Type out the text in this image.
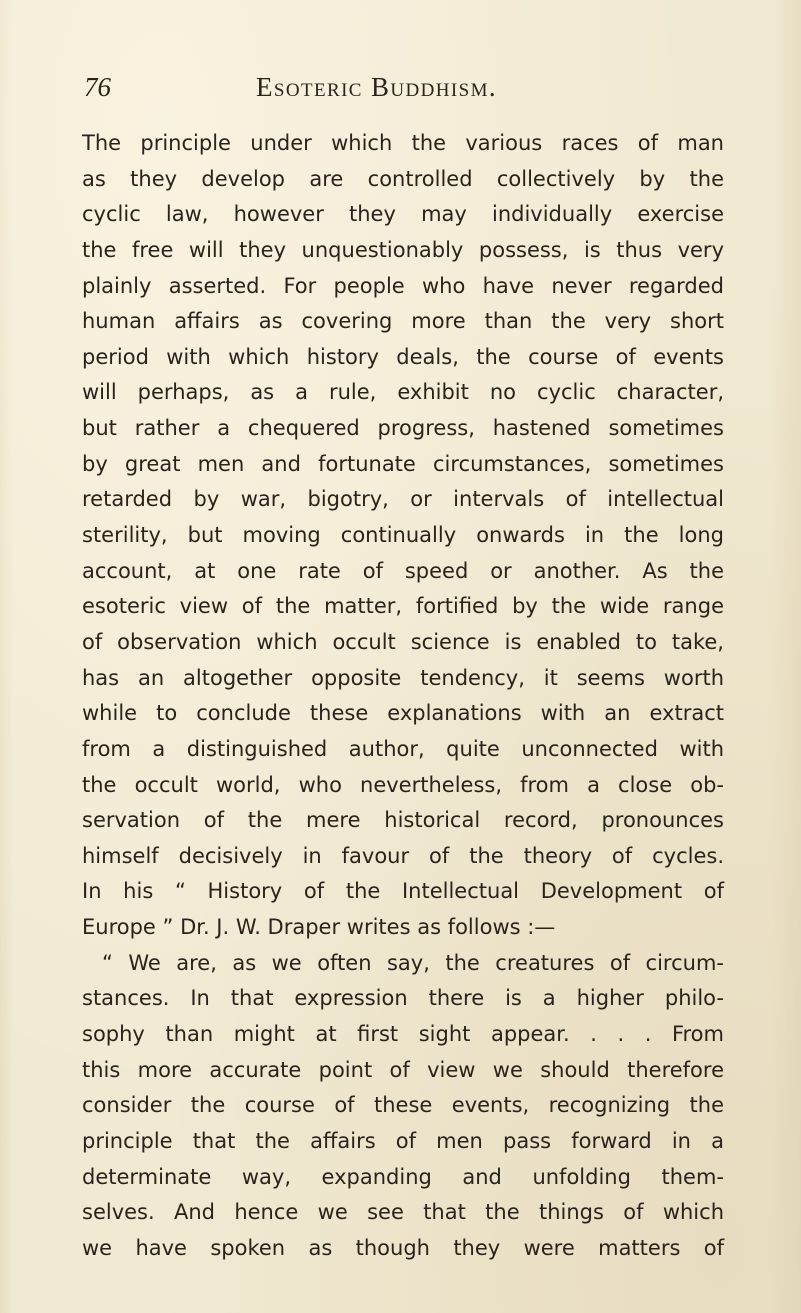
76	Esoteric Buddhism.
The principle under which the various races of man
as they develop are controlled collectively by the
cyclic law, however they may individually exercise
the free will they unquestionably possess, is thus very
plainly asserted. For people who have never regarded
human affairs as covering more than the very short
period with which history deals, the course of events
will perhaps, as a rule, exhibit no cyclic character,
but rather a chequered progress, hastened sometimes
by great men and fortunate circumstances, sometimes
retarded by war, bigotry, or intervals of intellectual
sterility, but moving continually onwards in the long
account, at one rate of speed or another. As the
esoteric view of the matter, fortified by the wide range
of observation which occult science is enabled to take,
has an altogether opposite tendency, it seems worth
while to conclude these explanations with an extract
from a distinguished author, quite unconnected with
the occult world, who nevertheless, from a close ob-
servation of the mere historical record, pronounces
himself decisively in favour of the theory of cycles.
In his “ History of the Intellectual Development of
Europe ” Dr. J. W. Draper writes as follows :—
“ We are, as we often say, the creatures of circum-
stances. In that expression there is a higher philo-
sophy than might at first sight appear. . . . From
this more accurate point of view we should therefore
consider the course of these events, recognizing the
principle that the affairs of men pass forward in a
determinate way, expanding and unfolding them-
selves. And hence we see that the things of which
we have spoken as though they were matters of
